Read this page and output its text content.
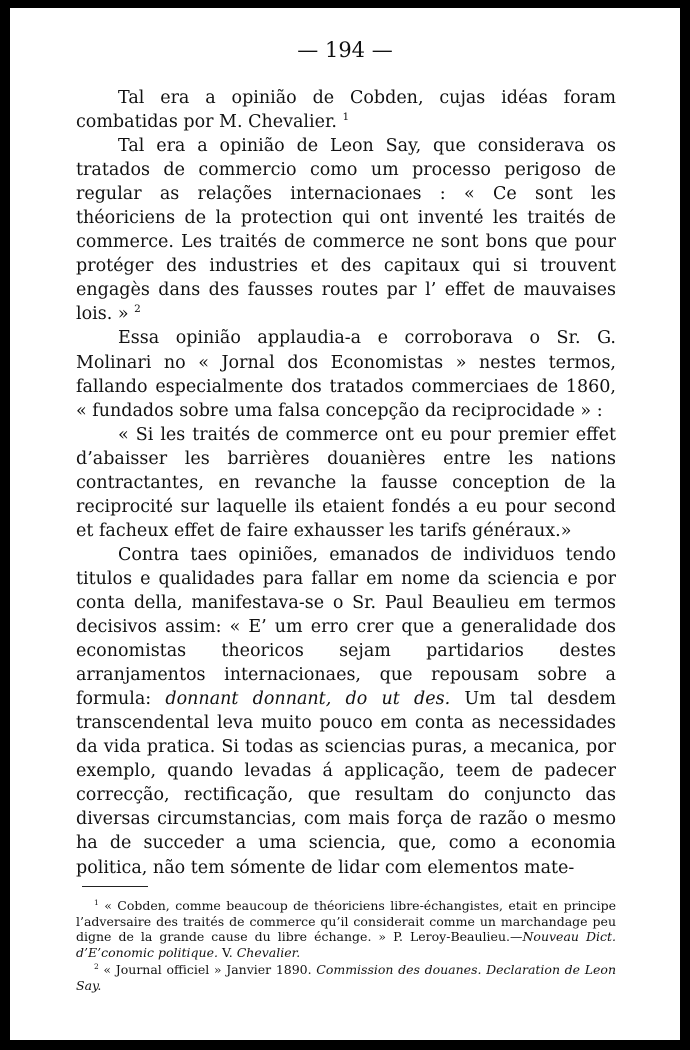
— 194 —

Tal era a opinião de Cobden, cujas idéas foram combatidas por M. Chevalier. $^1$

Tal era a opinião de Leon Say, que considerava os tratados de commercio como um processo perigoso de regular as relações internacionaes : « Ce sont les théoriciens de la protection qui ont inventé les traités de commerce. Les traités de commerce ne sont bons que pour protéger des industries et des capitaux qui si trouvent engagès dans des fausses routes par l’ effet de mauvaises lois. » $^2$

Essa opinião applaudia-a e corroborava o Sr. G. Molinari no « Jornal dos Economistas » nestes termos, fallando especialmente dos tratados commerciaes de 1860, « fundados sobre uma falsa concepção da reciprocidade » :

« Si les traités de commerce ont eu pour premier effet d’abaisser les barrières douanières entre les nations contractantes, en revanche la fausse conception de la reciprocité sur laquelle ils etaient fondés a eu pour second et facheux effet de faire exhausser les tarifs généraux.»

Contra taes opiniões, emanados de individuos tendo titulos e qualidades para fallar em nome da sciencia e por conta della, manifestava-se o Sr. Paul Beaulieu em termos decisivos assim: « E’ um erro crer que a generalidade dos economistas theoricos sejam partidarios destes arranjamentos internacionaes, que repousam sobre a formula: donnant donnant, do ut des. Um tal desdem transcendental leva muito pouco em conta as necessidades da vida pratica. Si todas as sciencias puras, a mecanica, por exemplo, quando levadas á applicação, teem de padecer correcção, rectificação, que resultam do conjuncto das diversas circumstancias, com mais força de razão o mesmo ha de succeder a uma sciencia, que, como a economia politica, não tem sómente de lidar com elementos mate-

$^1$ « Cobden, comme beaucoup de théoriciens libre-échangistes, etait en principe l’adversaire des traités de commerce qu’il considerait comme un marchandage peu digne de la grande cause du libre échange. » P. Leroy-Beaulieu.—Nouveau Dict. d’E’conomic politique. V. Chevalier.

$^2$ « Journal officiel » Janvier 1890. Commission des douanes. Declaration de Leon Say.
